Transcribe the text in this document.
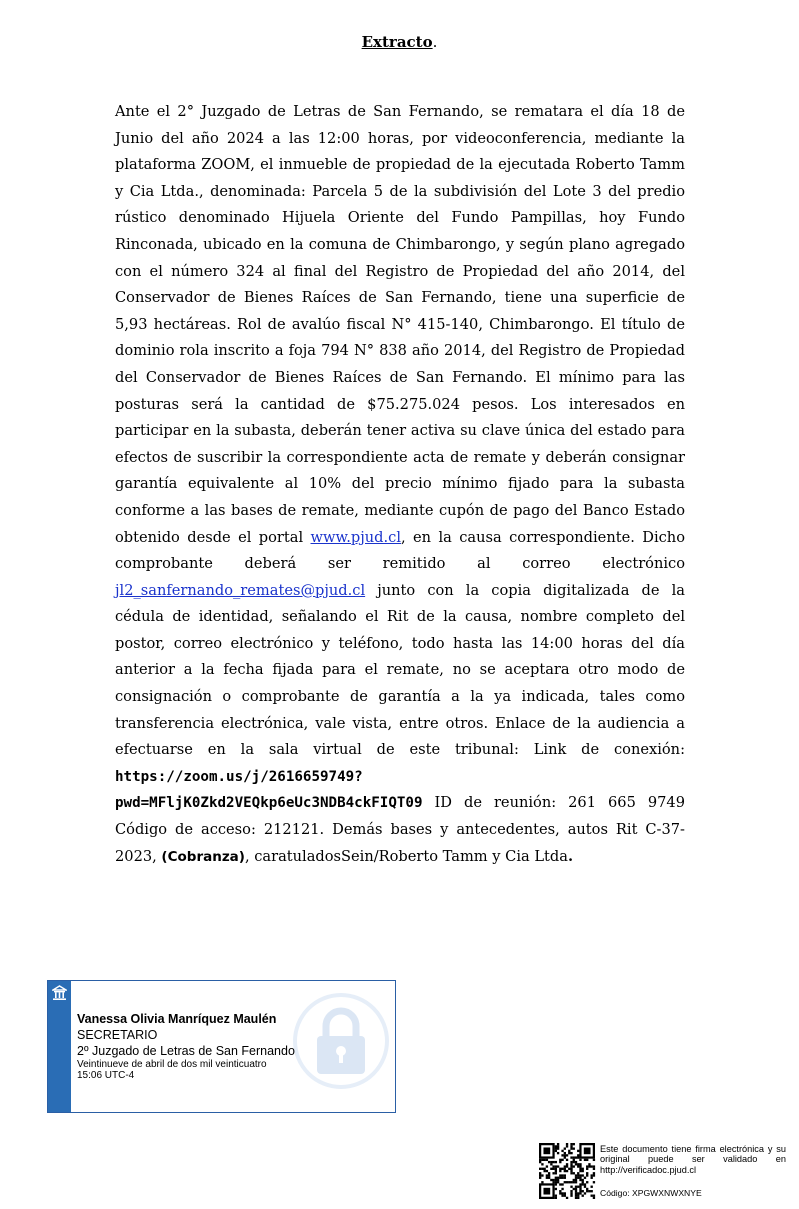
Extracto.

Ante el 2° Juzgado de Letras de San Fernando, se rematara el día 18 de Junio del año 2024 a las 12:00 horas, por videoconferencia, mediante la plataforma ZOOM, el inmueble de propiedad de la ejecutada Roberto Tamm y Cia Ltda., denominada: Parcela 5 de la subdivisión del Lote 3 del predio rústico denominado Hijuela Oriente del Fundo Pampillas, hoy Fundo Rinconada, ubicado en la comuna de Chimbarongo, y según plano agregado con el número 324 al final del Registro de Propiedad del año 2014, del Conservador de Bienes Raíces de San Fernando, tiene una superficie de 5,93 hectáreas. Rol de avalúo fiscal N° 415-140, Chimbarongo. El título de dominio rola inscrito a foja 794 N° 838 año 2014, del Registro de Propiedad del Conservador de Bienes Raíces de San Fernando. El mínimo para las posturas será la cantidad de $75.275.024 pesos. Los interesados en participar en la subasta, deberán tener activa su clave única del estado para efectos de suscribir la correspondiente acta de remate y deberán consignar garantía equivalente al 10% del precio mínimo fijado para la subasta conforme a las bases de remate, mediante cupón de pago del Banco Estado obtenido desde el portal www.pjud.cl, en la causa correspondiente. Dicho comprobante deberá ser remitido al correo electrónico jl2_sanfernando_remates@pjud.cl junto con la copia digitalizada de la cédula de identidad, señalando el Rit de la causa, nombre completo del postor, correo electrónico y teléfono, todo hasta las 14:00 horas del día anterior a la fecha fijada para el remate, no se aceptara otro modo de consignación o comprobante de garantía a la ya indicada, tales como transferencia electrónica, vale vista, entre otros. Enlace de la audiencia a efectuarse en la sala virtual de este tribunal: Link de conexión: https://zoom.us/j/2616659749?
pwd=MFljK0Zkd2VEQkp6eUc3NDB4ckFIQT09 ID de reunión: 261 665 9749 Código de acceso: 212121. Demás bases y antecedentes, autos Rit C-37-2023, (Cobranza), caratuladosSein/Roberto Tamm y Cia Ltda.

Vanessa Olivia Manríquez Maulén
SECRETARIO
2º Juzgado de Letras de San Fernando
Veintinueve de abril de dos mil veinticuatro
15:06 UTC-4
Este documento tiene firma electrónica y su original puede ser validado en http://verificadoc.pjud.cl
Código: XPGWXNWXNYE
